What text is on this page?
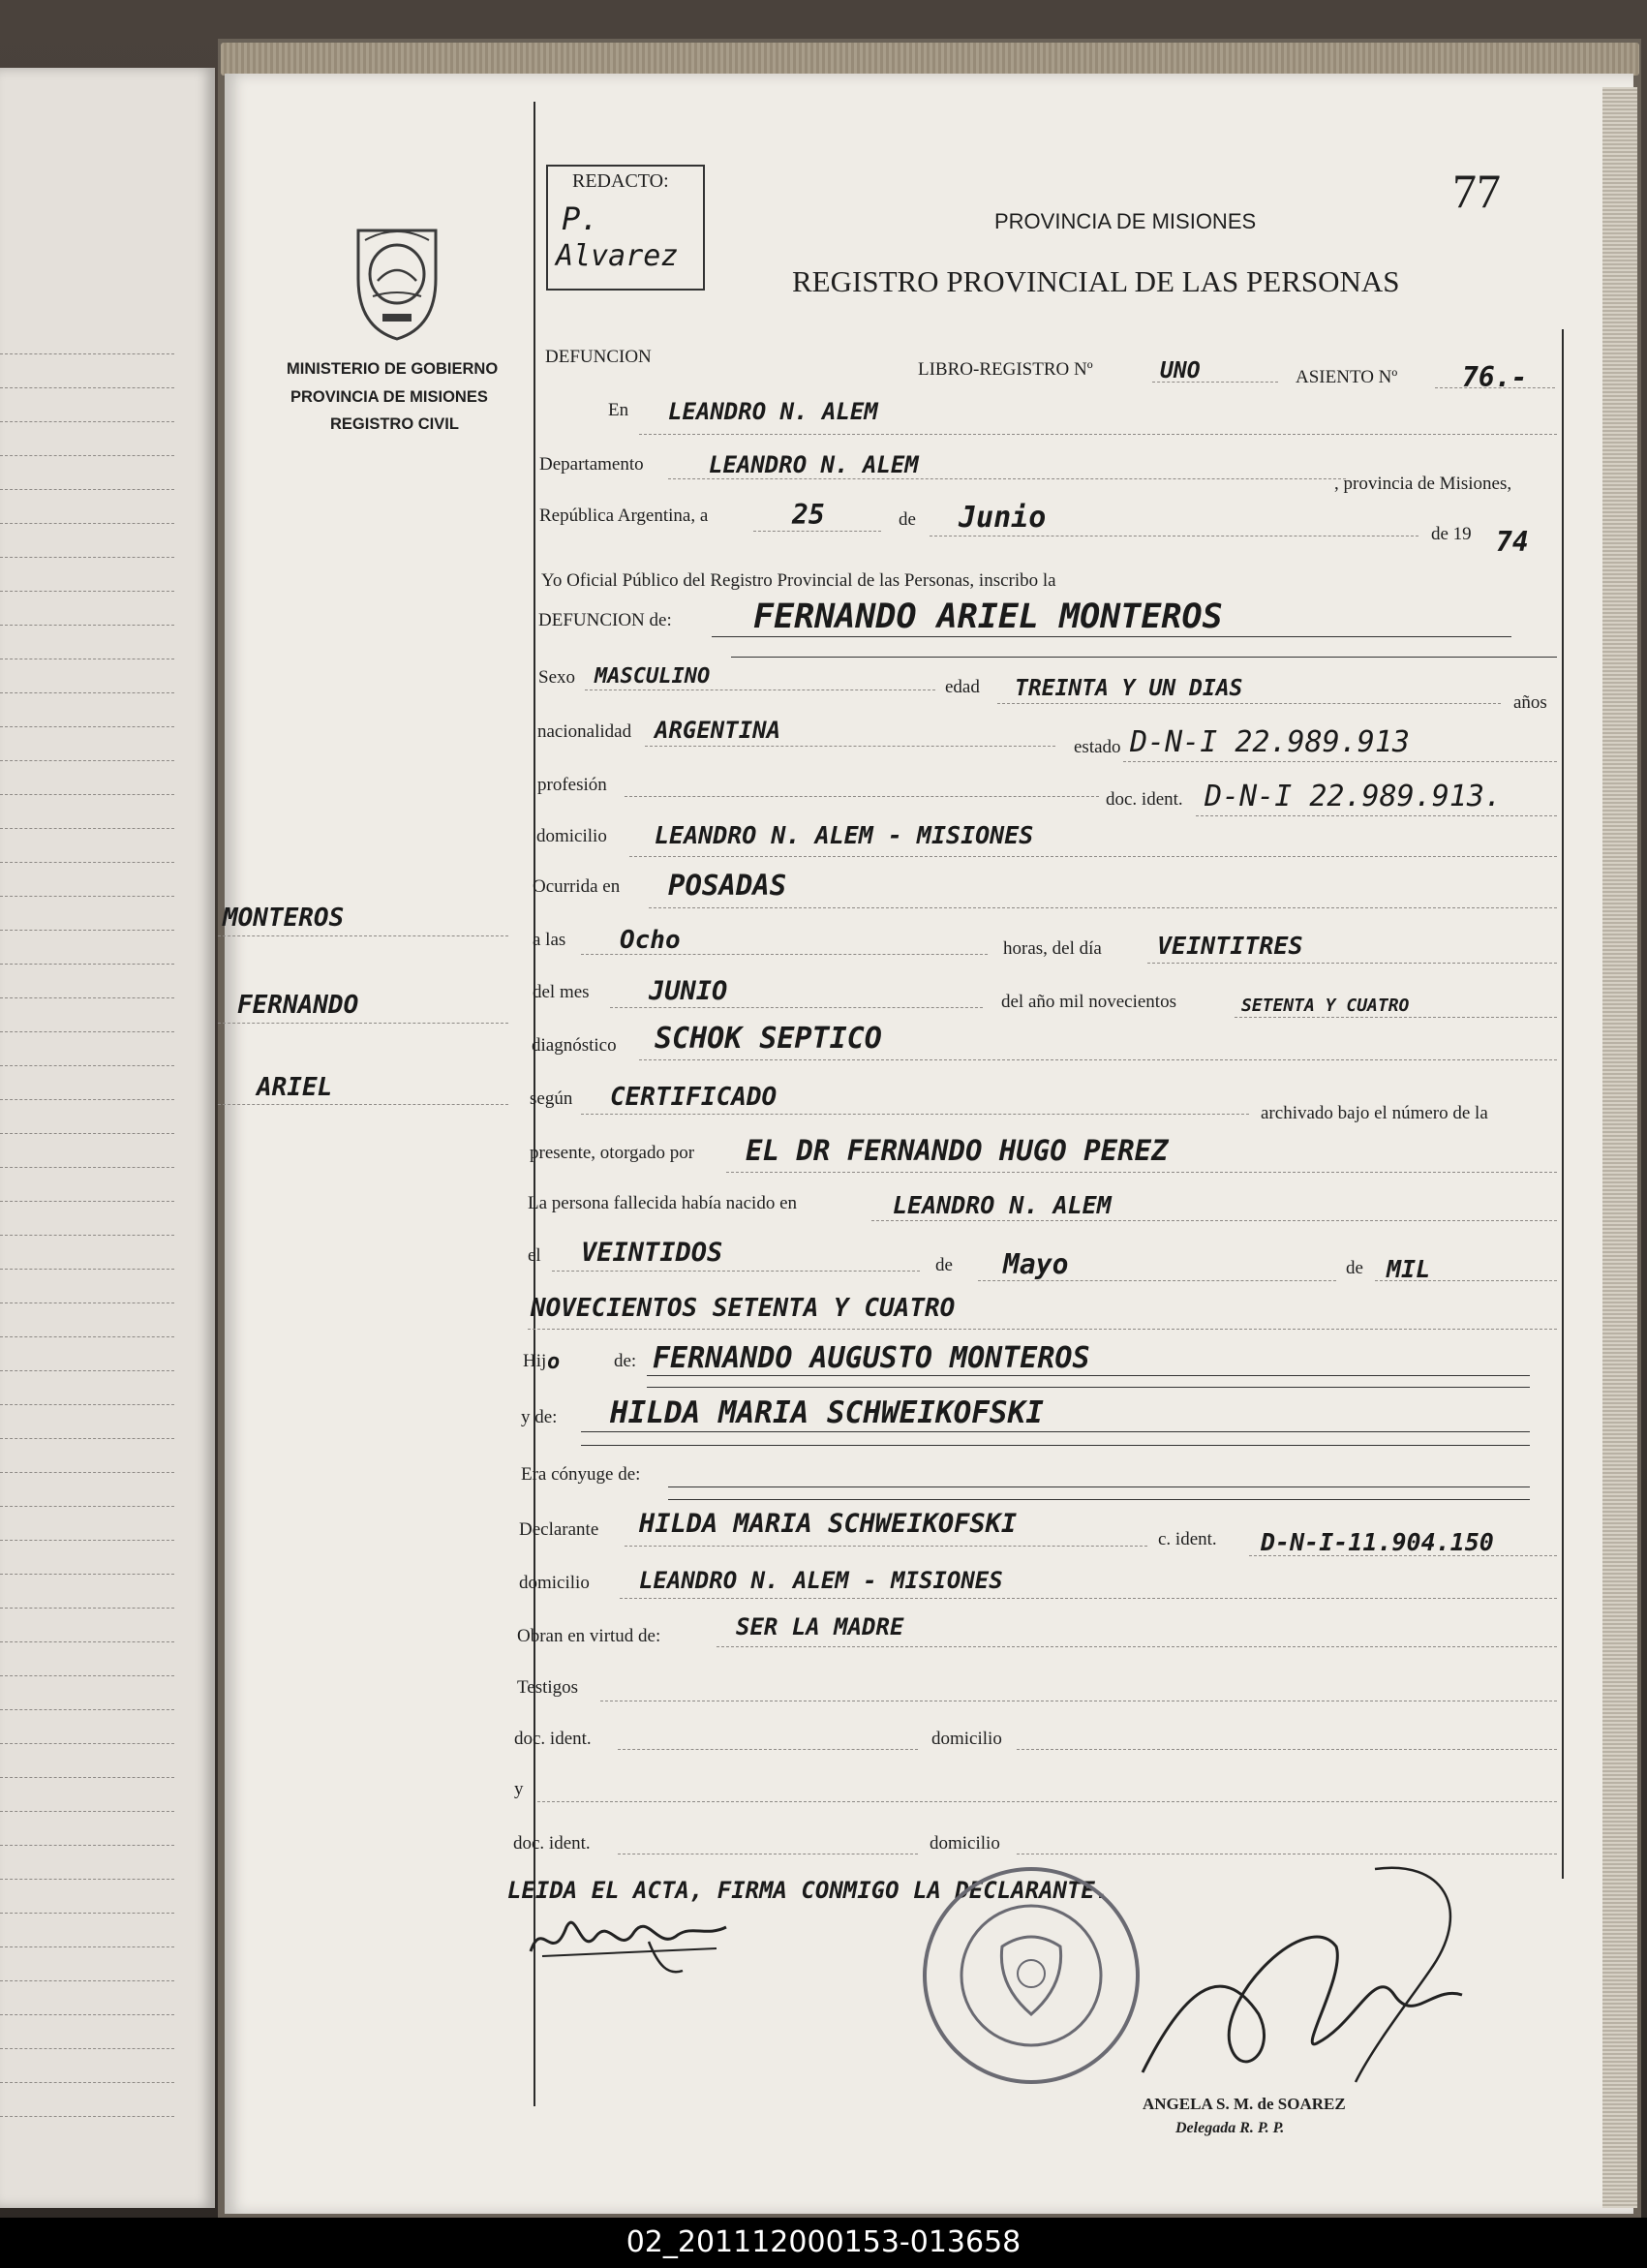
MINISTERIO DE GOBIERNO
PROVINCIA DE MISIONES
REGISTRO CIVIL
REDACTO:
P.
Alvarez
77
PROVINCIA DE MISIONES
REGISTRO PROVINCIAL DE LAS PERSONAS
DEFUNCION
LIBRO-REGISTRO Nº	UNO	ASIENTO Nº 76.-
En LEANDRO N. ALEM
Departamento	LEANDRO N. ALEM
, provincia de Misiones,
República Argentina, a	25	de Junio	de 19 74
Yo Oficial Público del Registro Provincial de las Personas, inscribo la
DEFUNCION de: FERNANDO ARIEL MONTEROS
Sexo MASCULINO	edad TREINTA Y UN DIAS
años
nacionalidad ARGENTINA
estado D-N-I 22.989.913
profesión
doc. ident. D-N-I 22.989.913.
domicilio LEANDRO N. ALEM - MISIONES
Ocurrida en POSADAS
a las Ocho	horas, del día VEINTITRES
del mes JUNIO	del año mil novecientos	SETENTA Y CUATRO
diagnóstico SCHOK SEPTICO
según CERTIFICADO
archivado bajo el número de la
presente, otorgado por EL DR FERNANDO HUGO PEREZ
La persona fallecida había nacido en	LEANDRO N. ALEM
el VEINTIDOS	de Mayo	de MIL
NOVECIENTOS SETENTA Y CUATRO
Hij o	de: FERNANDO AUGUSTO MONTEROS
y de: HILDA MARIA SCHWEIKOFSKI
Era cónyuge de:
Declarante HILDA MARIA SCHWEIKOFSKI
c. ident. D-N-I-11.904.150
domicilio LEANDRO N. ALEM - MISIONES
Obran en virtud de:	SER LA MADRE
Testigos
doc. ident.	domicilio
y
doc. ident.	domicilio
LEIDA EL ACTA, FIRMA CONMIGO LA DECLARANTE.
MONTEROS
FERNANDO
ARIEL
ANGELA S. M. de SOAREZ
Delegada R. P. P.
02_201112000153-013658
